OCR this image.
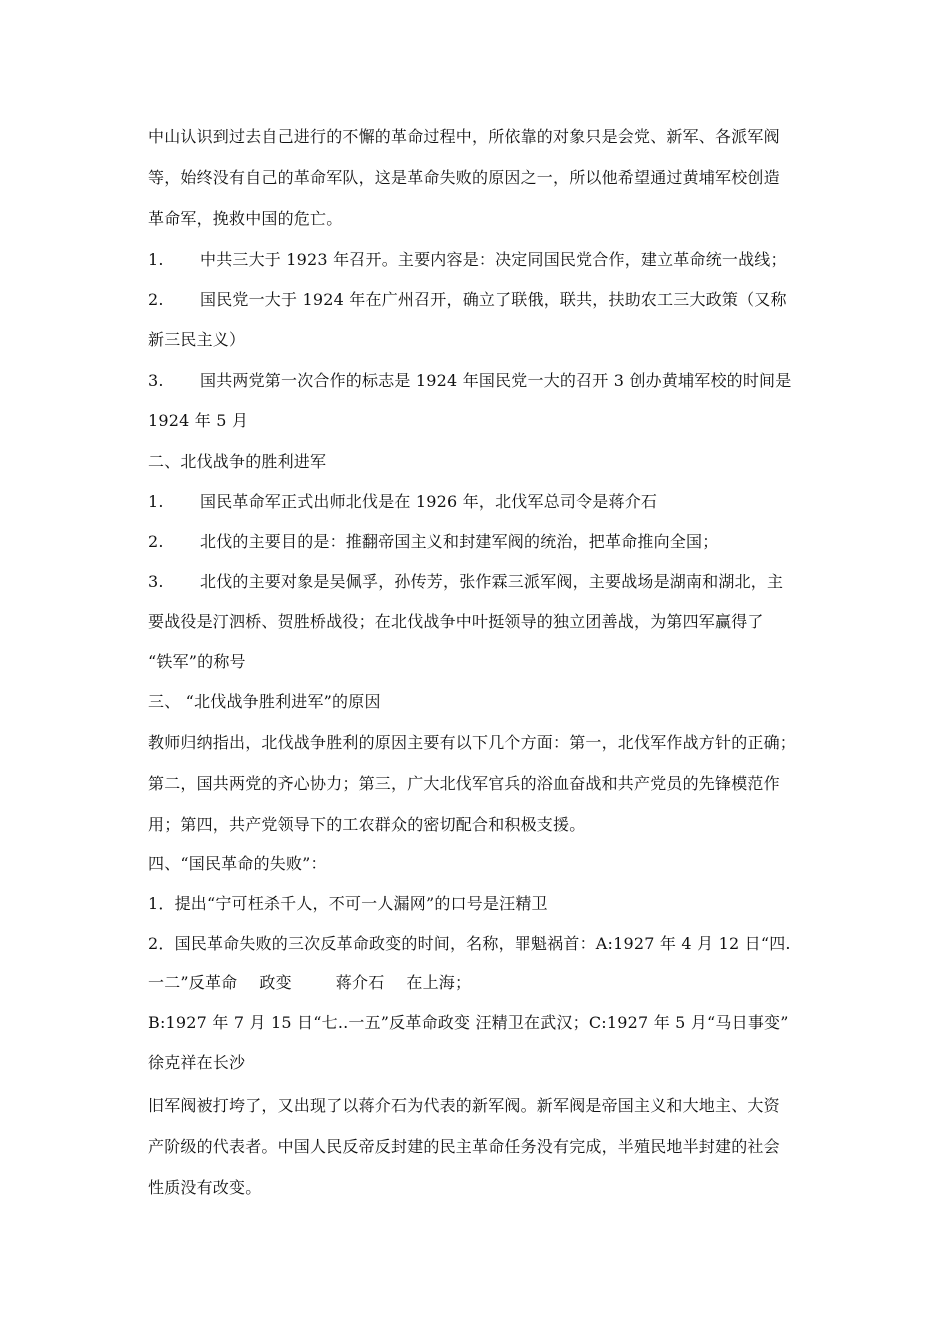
中山认识到过去自己进行的不懈的革命过程中，所依靠的对象只是会党、新军、各派军阀
等，始终没有自己的革命军队，这是革命失败的原因之一，所以他希望通过黄埔军校创造
革命军，挽救中国的危亡。
1. 中共三大于 1923 年召开。主要内容是：决定同国民党合作，建立革命统一战线；
2. 国民党一大于 1924 年在广州召开，确立了联俄，联共，扶助农工三大政策（又称
新三民主义）
3. 国共两党第一次合作的标志是 1924 年国民党一大的召开 3 创办黄埔军校的时间是
1924 年 5 月
二、北伐战争的胜利进军
1. 国民革命军正式出师北伐是在 1926 年，北伐军总司令是蒋介石
2. 北伐的主要目的是：推翻帝国主义和封建军阀的统治，把革命推向全国；
3. 北伐的主要对象是吴佩孚，孙传芳，张作霖三派军阀，主要战场是湖南和湖北，主
要战役是汀泗桥、贺胜桥战役；在北伐战争中叶挺领导的独立团善战，为第四军赢得了
“铁军”的称号
三、 “北伐战争胜利进军”的原因
教师归纳指出，北伐战争胜利的原因主要有以下几个方面：第一，北伐军作战方针的正确；
第二，国共两党的齐心协力；第三，广大北伐军官兵的浴血奋战和共产党员的先锋模范作
用；第四，共产党领导下的工农群众的密切配合和积极支援。
四、“国民革命的失败”：
1．提出“宁可枉杀千人，不可一人漏网”的口号是汪精卫
2．国民革命失败的三次反革命政变的时间，名称，罪魁祸首：A:1927 年 4 月 12 日“四.
一二”反革命 政变	蒋介石 在上海；
B:1927 年 7 月 15 日“七..一五”反革命政变 汪精卫在武汉；C:1927 年 5 月“马日事变”
徐克祥在长沙
旧军阀被打垮了，又出现了以蒋介石为代表的新军阀。新军阀是帝国主义和大地主、大资
产阶级的代表者。中国人民反帝反封建的民主革命任务没有完成，半殖民地半封建的社会
性质没有改变。
